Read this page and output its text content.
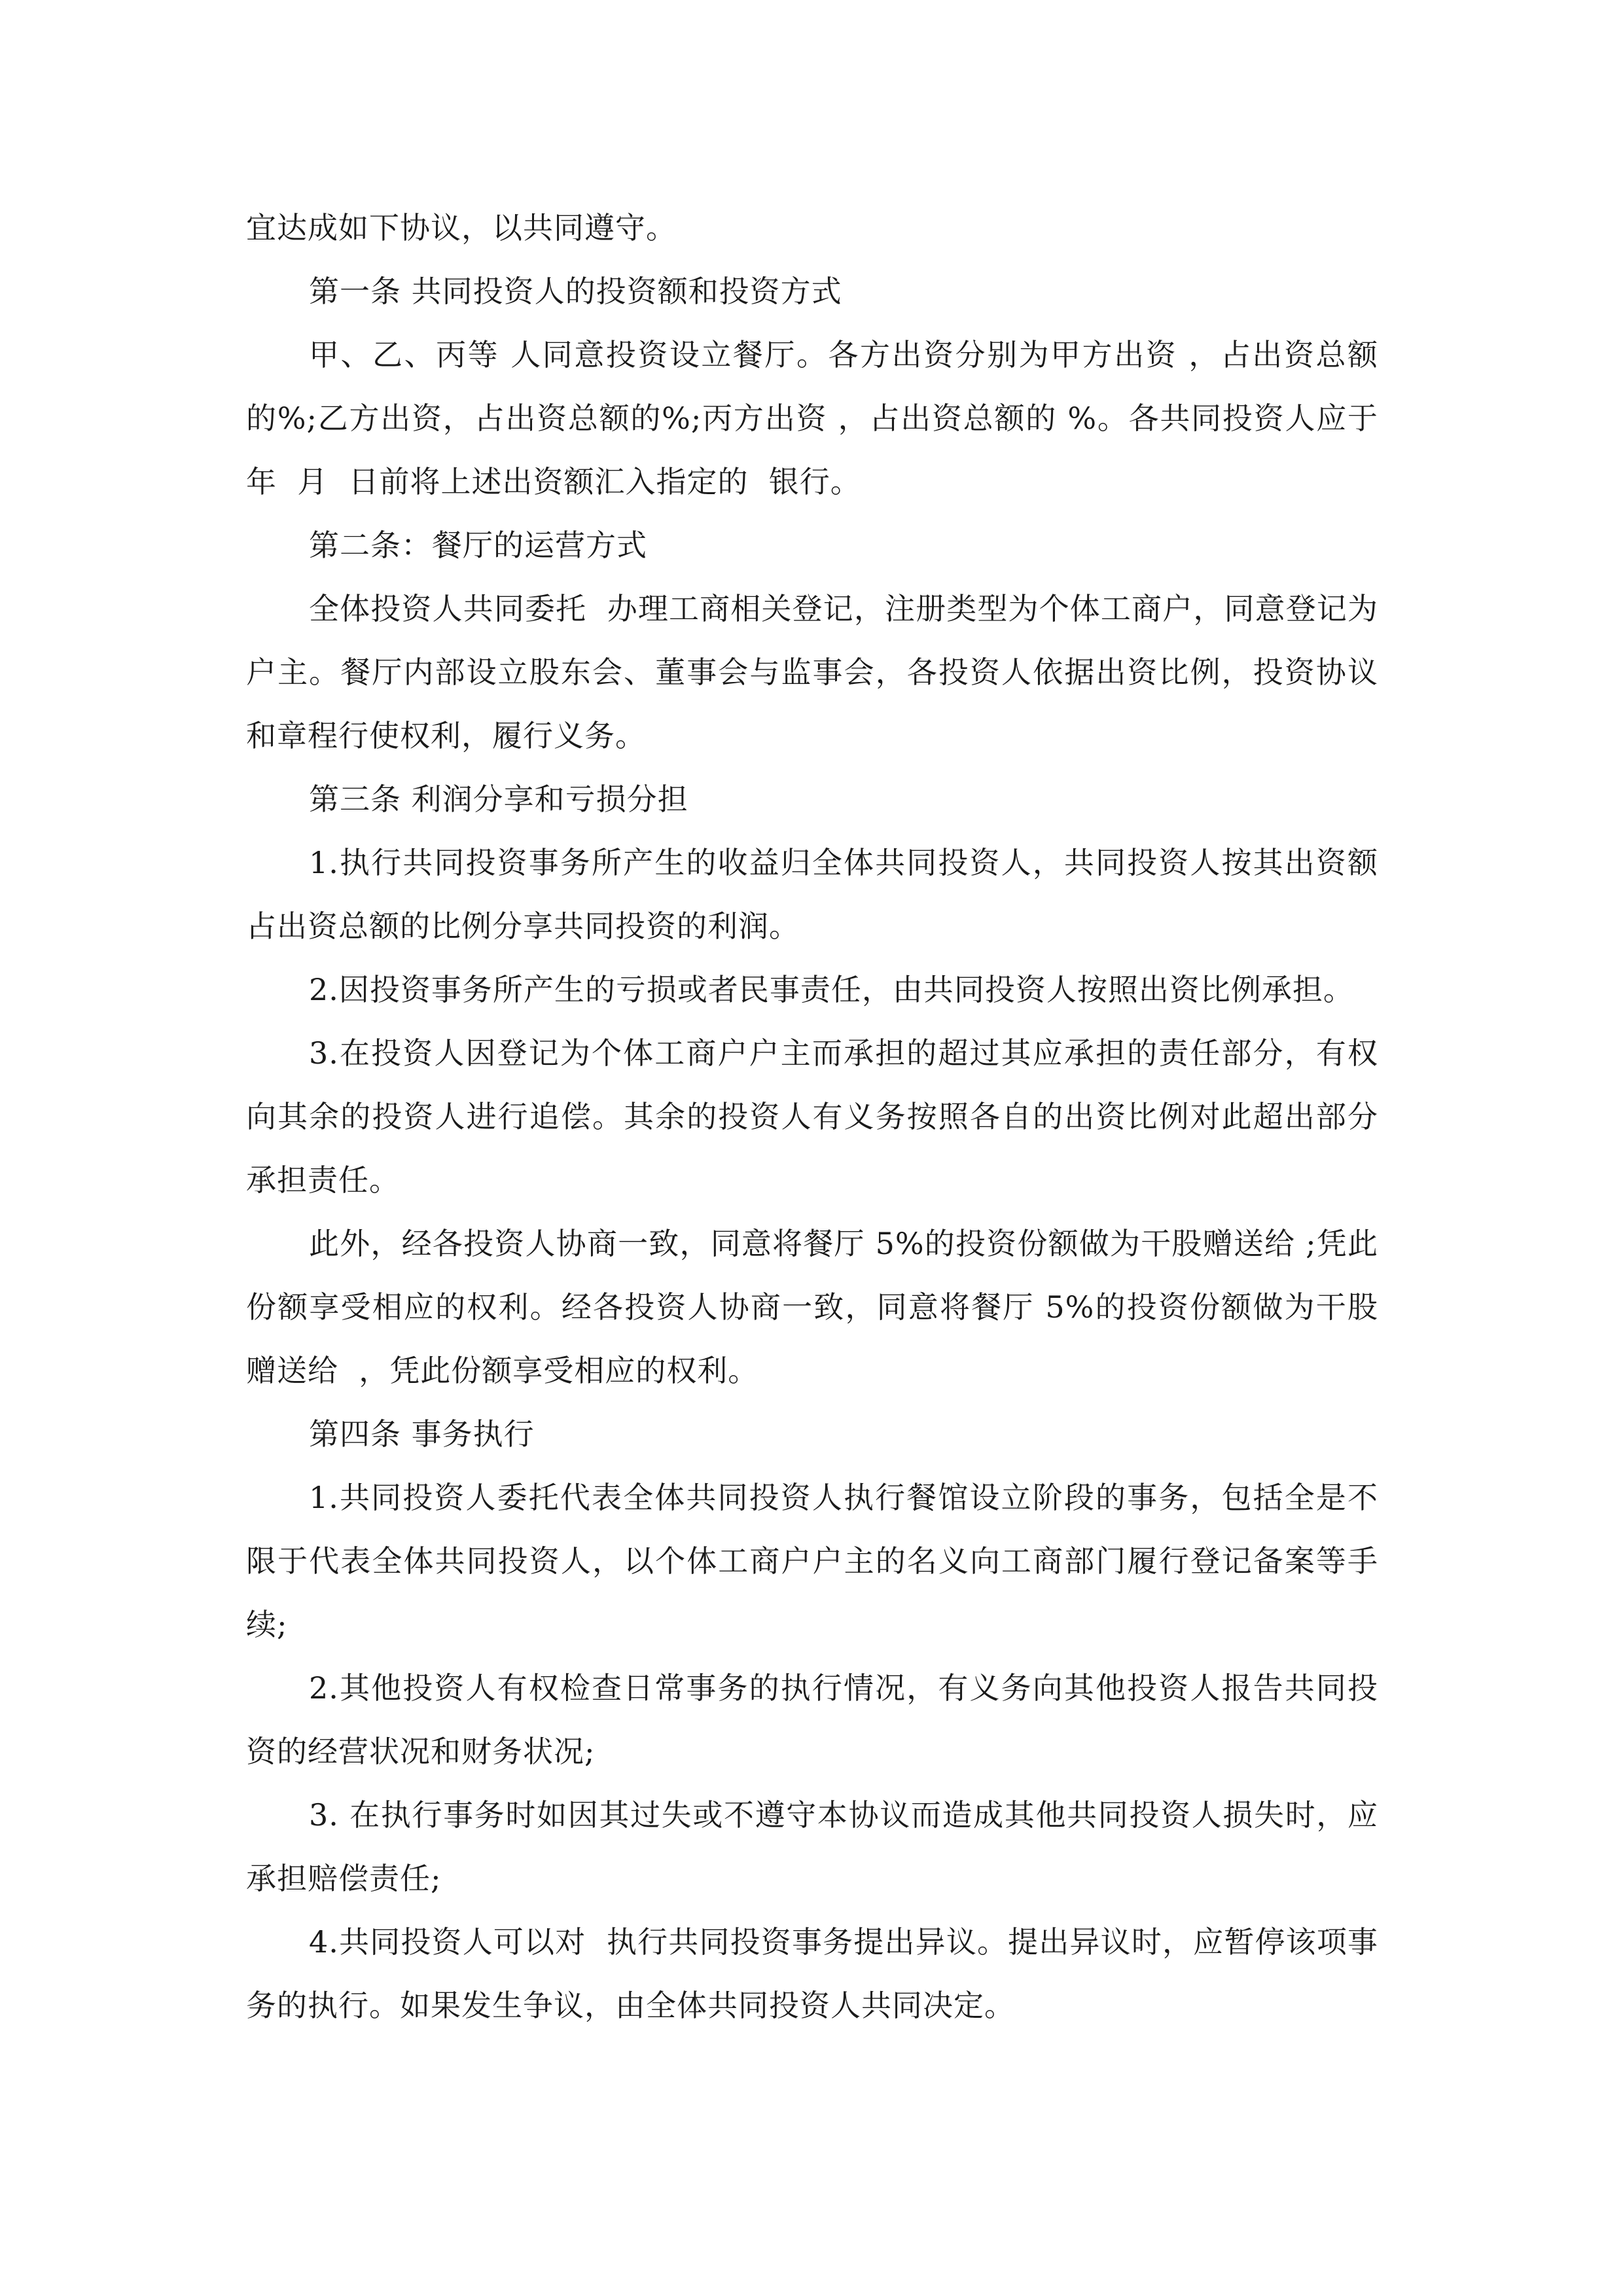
宜达成如下协议，以共同遵守。

第一条 共同投资人的投资额和投资方式

甲、乙、丙等 人同意投资设立餐厅。各方出资分别为甲方出资 ，占出资总额的%;乙方出资，占出资总额的%;丙方出资 ，占出资总额的 %。各共同投资人应于  年  月  日前将上述出资额汇入指定的  银行。

第二条：餐厅的运营方式

全体投资人共同委托  办理工商相关登记，注册类型为个体工商户，同意登记为户主。餐厅内部设立股东会、董事会与监事会，各投资人依据出资比例，投资协议和章程行使权利，履行义务。

第三条 利润分享和亏损分担

1.执行共同投资事务所产生的收益归全体共同投资人，共同投资人按其出资额占出资总额的比例分享共同投资的利润。

2.因投资事务所产生的亏损或者民事责任，由共同投资人按照出资比例承担。

3.在投资人因登记为个体工商户户主而承担的超过其应承担的责任部分，有权向其余的投资人进行追偿。其余的投资人有义务按照各自的出资比例对此超出部分承担责任。

此外，经各投资人协商一致，同意将餐厅 5%的投资份额做为干股赠送给 ;凭此份额享受相应的权利。经各投资人协商一致，同意将餐厅 5%的投资份额做为干股赠送给  ，凭此份额享受相应的权利。

第四条 事务执行

1.共同投资人委托代表全体共同投资人执行餐馆设立阶段的事务，包括全是不限于代表全体共同投资人，以个体工商户户主的名义向工商部门履行登记备案等手续;

2.其他投资人有权检查日常事务的执行情况，有义务向其他投资人报告共同投资的经营状况和财务状况;

3. 在执行事务时如因其过失或不遵守本协议而造成其他共同投资人损失时，应承担赔偿责任;

4.共同投资人可以对  执行共同投资事务提出异议。提出异议时，应暂停该项事务的执行。如果发生争议，由全体共同投资人共同决定。
